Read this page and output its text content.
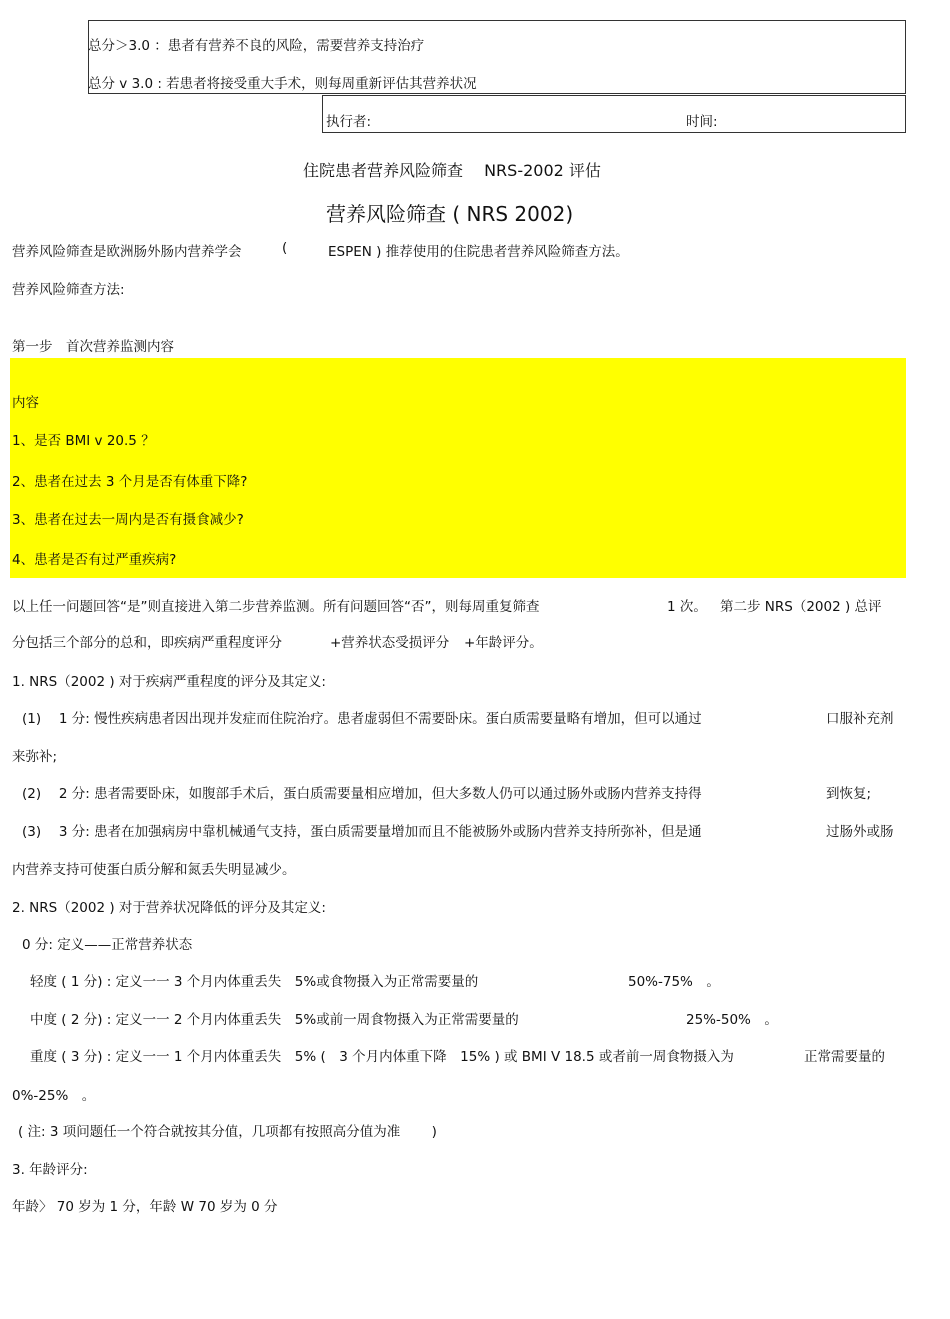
总分＞3.0 ：患者有营养不良的风险，需要营养支持治疗
总分 v 3.0 : 若患者将接受重大手术，则每周重新评估其营养状况
执行者:	时间:
住院患者营养风险筛查　 NRS-2002 评估
营养风险筛查 ( NRS 2002)
营养风险筛查是欧洲肠外肠内营养学会	(	ESPEN ) 推荐使用的住院患者营养风险筛查方法。
营养风险筛查方法:
第一步　首次营养监测内容
内容
1、是否 BMI v 20.5 ？
2、患者在过去 3 个月是否有体重下降?
3、患者在过去一周内是否有摄食减少?
4、患者是否有过严重疾病?
以上任一问题回答“是”则直接进入第二步营养监测。所有问题回答“否”，则每周重复筛查	1 次。 第二步 NRS（2002 ) 总评
分包括三个部分的总和，即疾病严重程度评分	+营养状态受损评分 +年龄评分。
1. NRS（2002 ) 对于疾病严重程度的评分及其定义:
(1)　 1 分: 慢性疾病患者因出现并发症而住院治疗。患者虚弱但不需要卧床。蛋白质需要量略有增加，但可以通过	口服补充剂
来弥补;
(2)　 2 分: 患者需要卧床，如腹部手术后，蛋白质需要量相应增加，但大多数人仍可以通过肠外或肠内营养支持得	到恢复;
(3)　 3 分: 患者在加强病房中靠机械通气支持，蛋白质需要量增加而且不能被肠外或肠内营养支持所弥补，但是通	过肠外或肠
内营养支持可使蛋白质分解和氮丢失明显减少。
2. NRS（2002 ) 对于营养状况降低的评分及其定义:
0 分: 定义——正常营养状态
轻度 ( 1 分) : 定义一一 3 个月内体重丢失　5%或食物摄入为正常需要量的	50%-75%　。
中度 ( 2 分) : 定义一一 2 个月内体重丢失　5%或前一周食物摄入为正常需要量的	25%-50%　。
重度 ( 3 分) : 定义一一 1 个月内体重丢失　5% (　3 个月内体重下降　15% ) 或 BMI V 18.5 或者前一周食物摄入为	正常需要量的
0%-25%　。
( 注: 3 项问题任一个符合就按其分值，几项都有按照高分值为准　　 )
3. 年龄评分:
年龄〉 70 岁为 1 分，年龄 W 70 岁为 0 分
